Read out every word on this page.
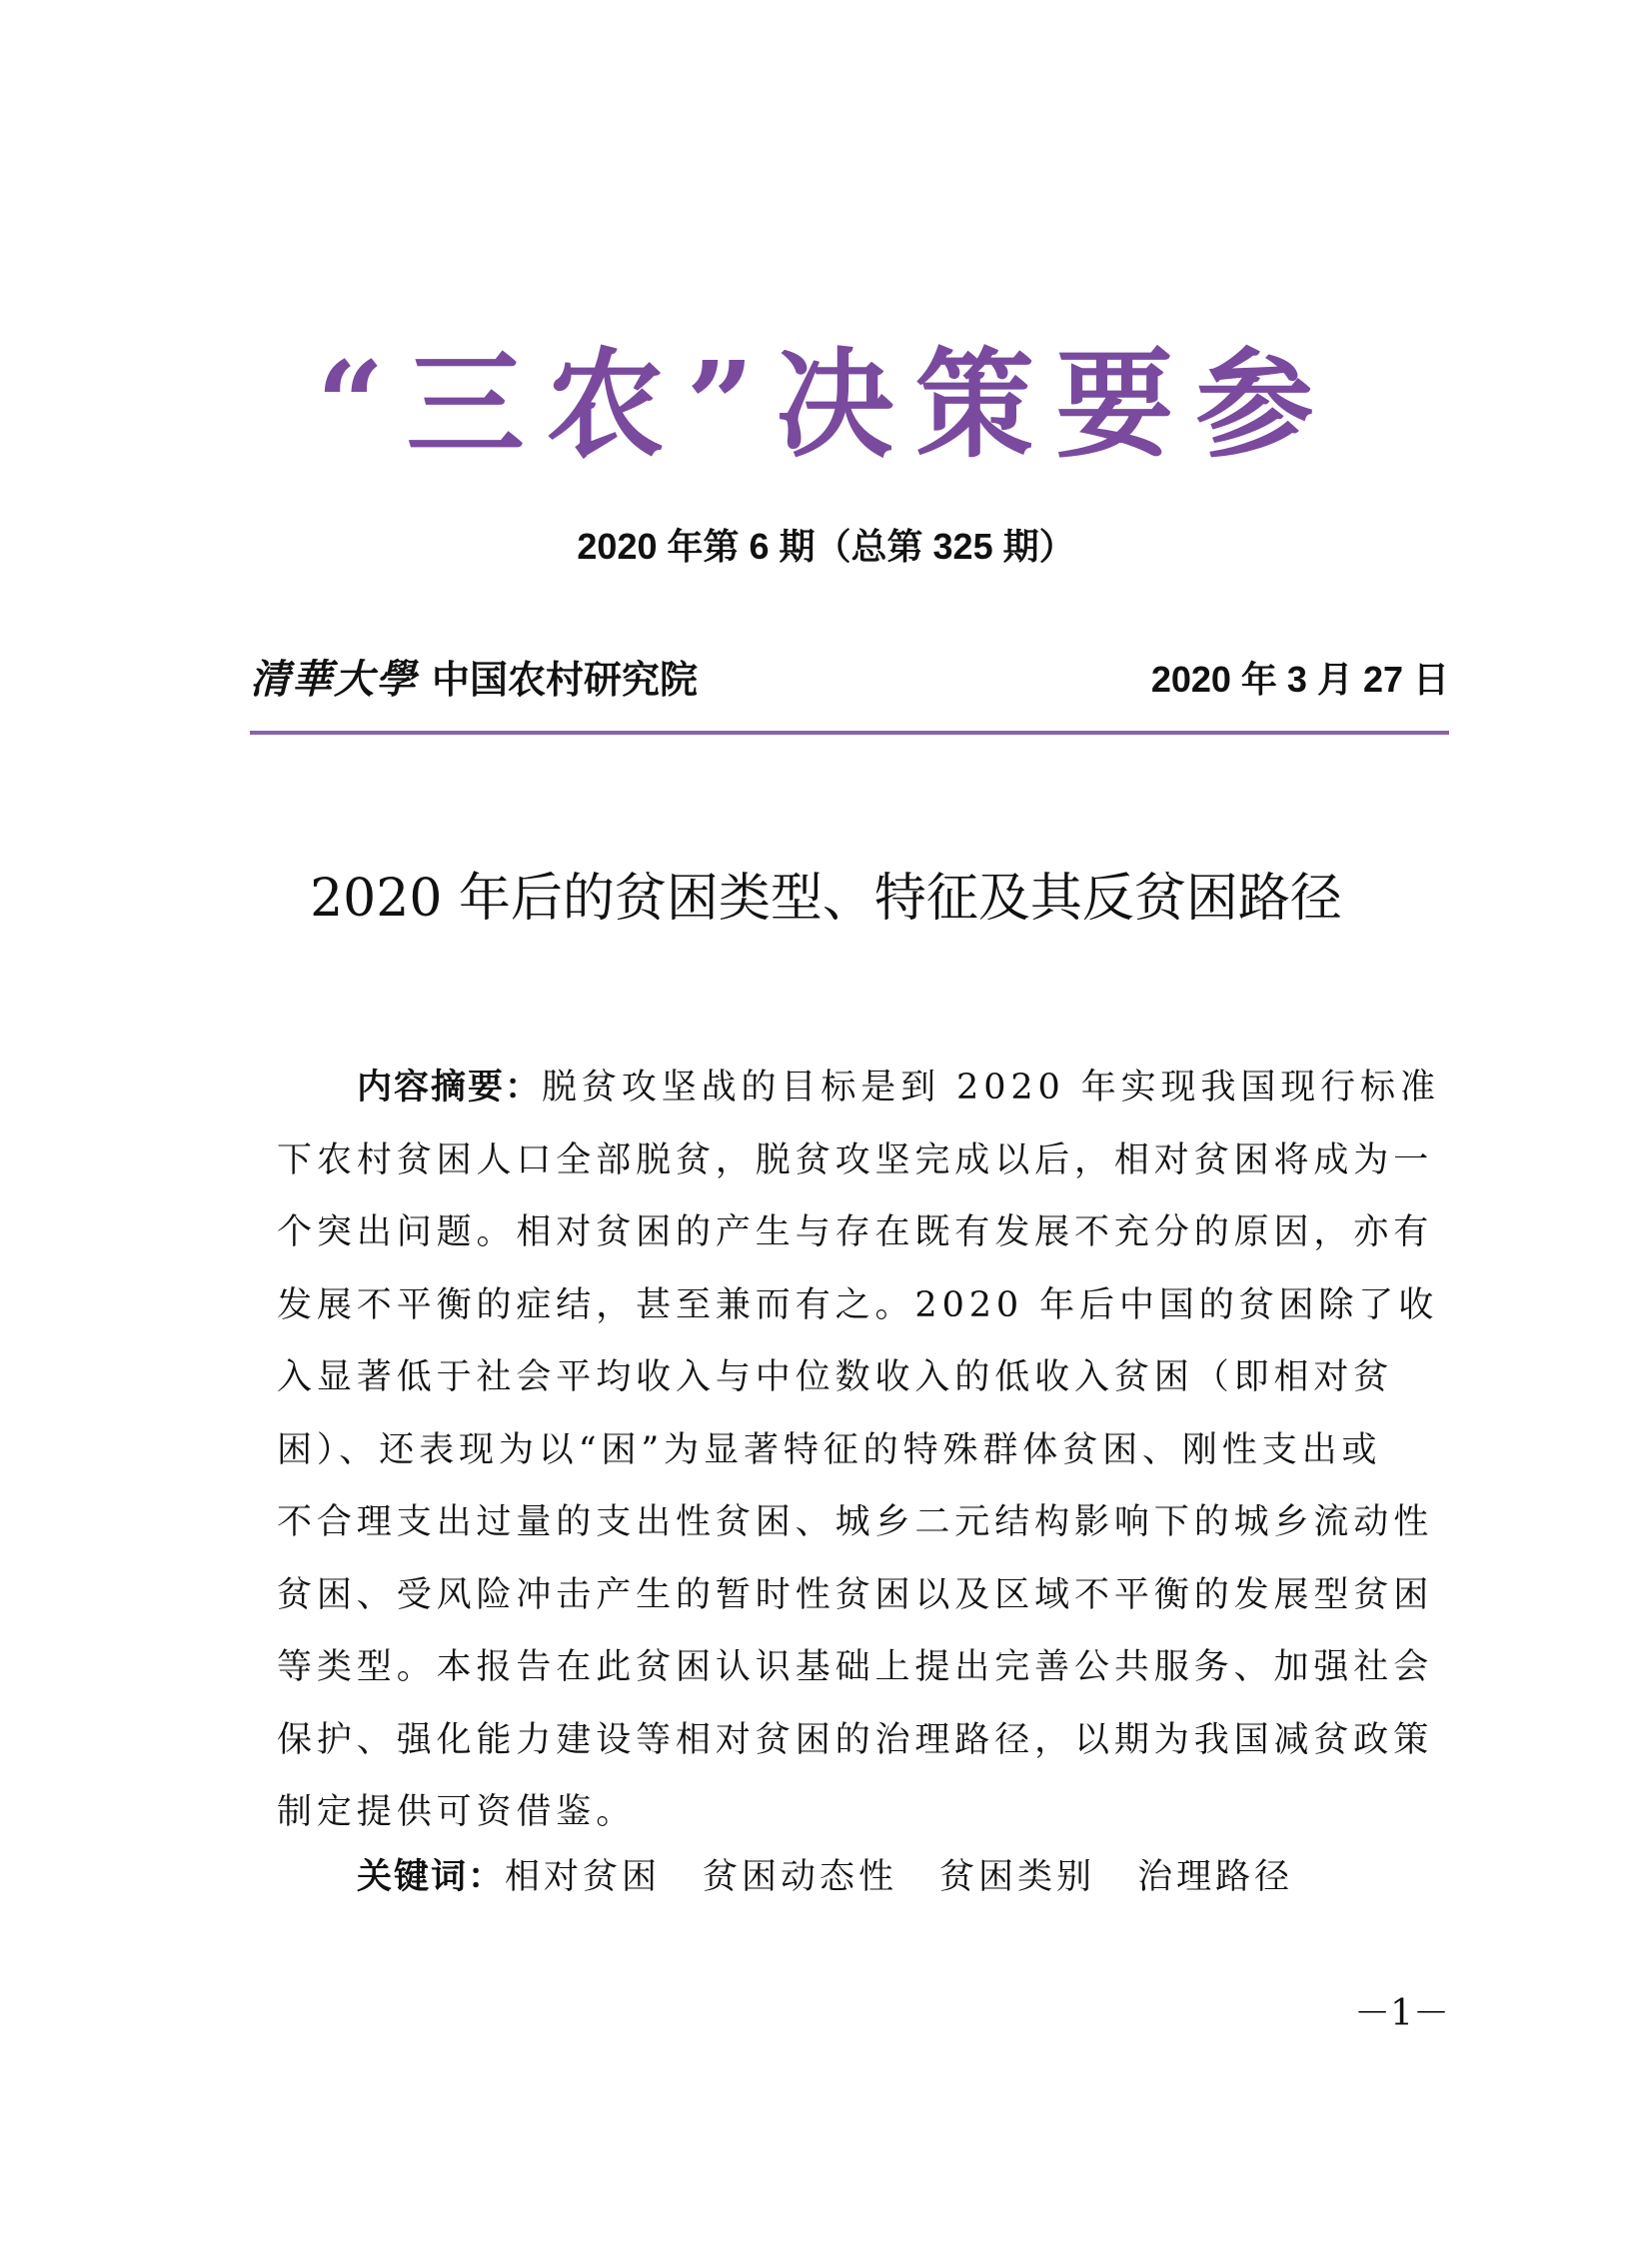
“三农”决策要参
2020 年第 6 期（总第 325 期）
清華大學 中国农村研究院	2020 年 3 月 27 日
2020 年后的贫困类型、特征及其反贫困路径
内容摘要：脱贫攻坚战的目标是到 2020 年实现我国现行标准
下农村贫困人口全部脱贫，脱贫攻坚完成以后，相对贫困将成为一
个突出问题。相对贫困的产生与存在既有发展不充分的原因，亦有
发展不平衡的症结，甚至兼而有之。2020 年后中国的贫困除了收
入显著低于社会平均收入与中位数收入的低收入贫困（即相对贫
困）、还表现为以“困”为显著特征的特殊群体贫困、刚性支出或
不合理支出过量的支出性贫困、城乡二元结构影响下的城乡流动性
贫困、受风险冲击产生的暂时性贫困以及区域不平衡的发展型贫困
等类型。本报告在此贫困认识基础上提出完善公共服务、加强社会
保护、强化能力建设等相对贫困的治理路径，以期为我国减贫政策
制定提供可资借鉴。
关键词：相对贫困 贫困动态性 贫困类别 治理路径
－1－
